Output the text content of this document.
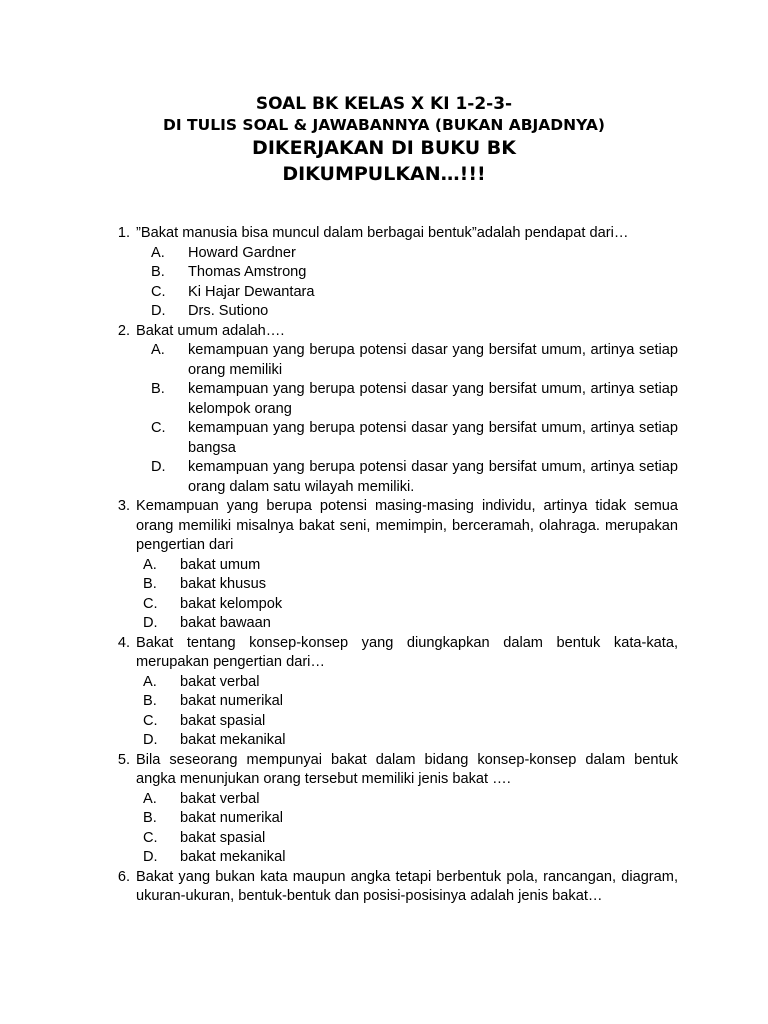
SOAL BK KELAS X KI 1-2-3-
DI TULIS SOAL & JAWABANNYA (BUKAN ABJADNYA)
DIKERJAKAN DI BUKU BK
DIKUMPULKAN…!!!
1. ”Bakat manusia bisa muncul dalam berbagai bentuk”adalah pendapat dari…
A. Howard Gardner
B. Thomas Amstrong
C. Ki Hajar Dewantara
D. Drs. Sutiono
2. Bakat umum adalah….
A. kemampuan yang berupa potensi dasar yang bersifat umum, artinya setiap orang memiliki
B. kemampuan yang berupa potensi dasar yang bersifat umum, artinya setiap kelompok orang
C. kemampuan yang berupa potensi dasar yang bersifat umum, artinya setiap bangsa
D. kemampuan yang berupa potensi dasar yang bersifat umum, artinya setiap orang dalam satu wilayah memiliki.
3. Kemampuan yang berupa potensi masing-masing individu, artinya tidak semua orang memiliki misalnya bakat seni, memimpin, berceramah, olahraga. merupakan pengertian dari
A. bakat umum
B. bakat khusus
C. bakat kelompok
D. bakat bawaan
4. Bakat tentang konsep-konsep yang diungkapkan dalam bentuk kata-kata, merupakan pengertian dari…
A. bakat verbal
B. bakat numerikal
C. bakat spasial
D. bakat mekanikal
5. Bila seseorang mempunyai bakat dalam bidang konsep-konsep dalam bentuk angka menunjukan orang tersebut memiliki jenis bakat ….
A. bakat verbal
B. bakat numerikal
C. bakat spasial
D. bakat mekanikal
6. Bakat yang bukan kata maupun angka tetapi berbentuk pola, rancangan, diagram, ukuran-ukuran, bentuk-bentuk dan posisi-posisinya adalah jenis bakat…
